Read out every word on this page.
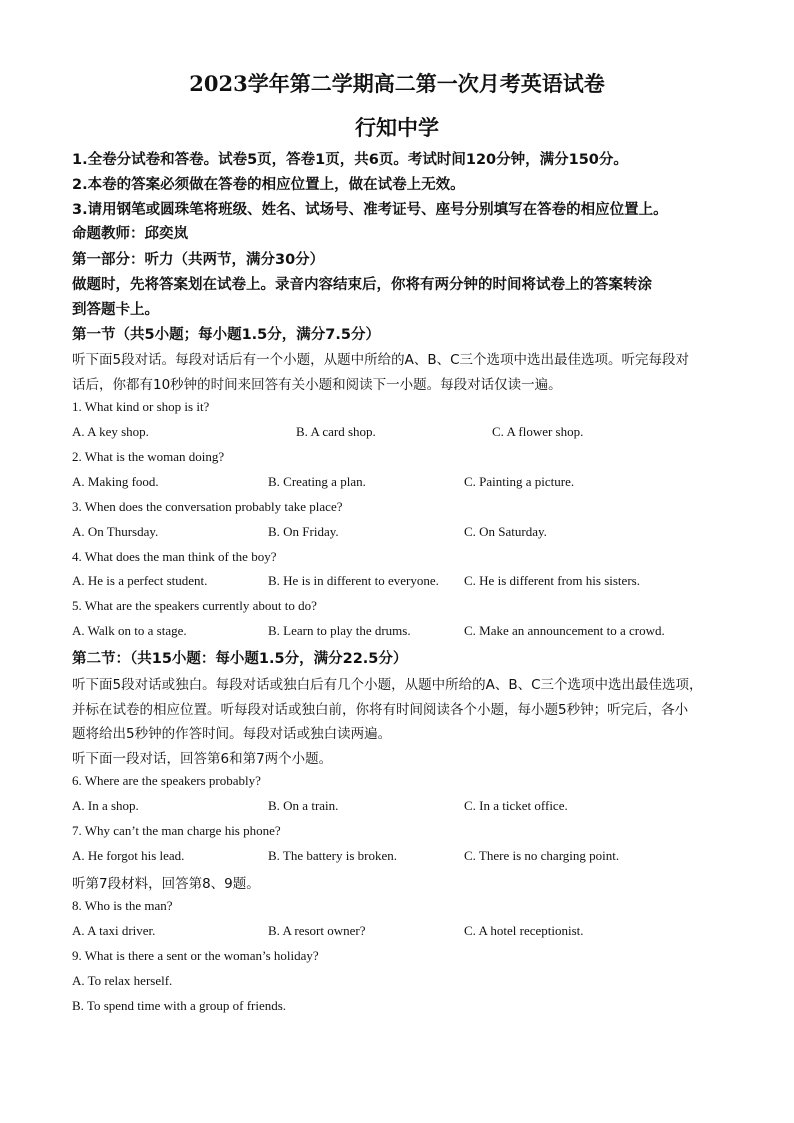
2023学年第二学期高二第一次月考英语试卷
行知中学
1.全卷分试卷和答卷。试卷5页，答卷1页，共6页。考试时间120分钟，满分150分。
2.本卷的答案必须做在答卷的相应位置上，做在试卷上无效。
3.请用钢笔或圆珠笔将班级、姓名、试场号、准考证号、座号分别填写在答卷的相应位置上。
命题教师：邱奕岚
第一部分：听力（共两节，满分30分）
做题时，先将答案划在试卷上。录音内容结束后，你将有两分钟的时间将试卷上的答案转涂
到答题卡上。
第一节（共5小题；每小题1.5分，满分7.5分）
听下面5段对话。每段对话后有一个小题，从题中所给的A、B、C三个选项中选出最佳选项。听完每段对
话后，你都有10秒钟的时间来回答有关小题和阅读下一小题。每段对话仅读一遍。
1. What kind or shop is it?
A. A key shop.	B. A card shop.	C. A flower shop.
2. What is the woman doing?
A. Making food.	B. Creating a plan.	C. Painting a picture.
3. When does the conversation probably take place?
A. On Thursday.	B. On Friday.	C. On Saturday.
4. What does the man think of the boy?
A. He is a perfect student.	B. He is in different to everyone. C. He is different from his sisters.
5. What are the speakers currently about to do?
A. Walk on to a stage.	B. Learn to play the drums.	C. Make an announcement to a crowd.
第二节：（共15小题：每小题1.5分，满分22.5分）
听下面5段对话或独白。每段对话或独白后有几个小题，从题中所给的A、B、C三个选项中选出最佳选项，
并标在试卷的相应位置。听每段对话或独白前，你将有时间阅读各个小题，每小题5秒钟；听完后，各小
题将给出5秒钟的作答时间。每段对话或独白读两遍。
听下面一段对话，回答第6和第7两个小题。
6. Where are the speakers probably?
A. In a shop.	B. On a train.	C. In a ticket office.
7. Why can’t the man charge his phone?
A. He forgot his lead.	B. The battery is broken.	C. There is no charging point.
听第7段材料，回答第8、9题。
8. Who is the man?
A. A taxi driver.	B. A resort owner?	C. A hotel receptionist.
9. What is there a sent or the woman’s holiday?
A. To relax herself.
B. To spend time with a group of friends.
